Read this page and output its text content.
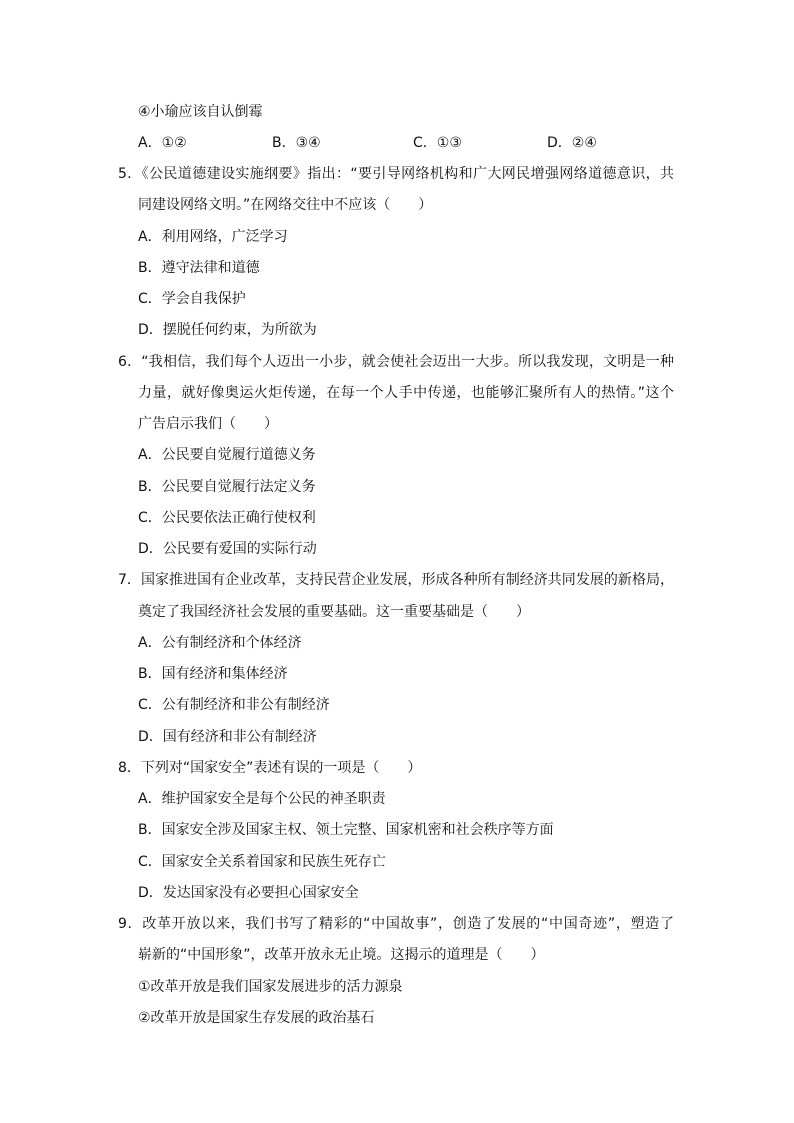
④小瑜应该自认倒霉
A．①②	B．③④	C．①③	D．②④
5．《公民道德建设实施纲要》指出：“要引导网络机构和广大网民增强网络道德意识，共
同建设网络文明。”在网络交往中不应该（　　）
A．利用网络，广泛学习
B．遵守法律和道德
C．学会自我保护
D．摆脱任何约束，为所欲为
6．“我相信，我们每个人迈出一小步，就会使社会迈出一大步。所以我发现，文明是一种
力量，就好像奥运火炬传递，在每一个人手中传递，也能够汇聚所有人的热情。”这个
广告启示我们（　　）
A．公民要自觉履行道德义务
B．公民要自觉履行法定义务
C．公民要依法正确行使权利
D．公民要有爱国的实际行动
7．国家推进国有企业改革，支持民营企业发展，形成各种所有制经济共同发展的新格局，
奠定了我国经济社会发展的重要基础。这一重要基础是（　　）
A．公有制经济和个体经济
B．国有经济和集体经济
C．公有制经济和非公有制经济
D．国有经济和非公有制经济
8．下列对“国家安全”表述有误的一项是（　　）
A．维护国家安全是每个公民的神圣职责
B．国家安全涉及国家主权、领土完整、国家机密和社会秩序等方面
C．国家安全关系着国家和民族生死存亡
D．发达国家没有必要担心国家安全
9．改革开放以来，我们书写了精彩的“中国故事”，创造了发展的“中国奇迹”，塑造了
崭新的“中国形象”，改革开放永无止境。这揭示的道理是（　　）
①改革开放是我们国家发展进步的活力源泉
②改革开放是国家生存发展的政治基石
